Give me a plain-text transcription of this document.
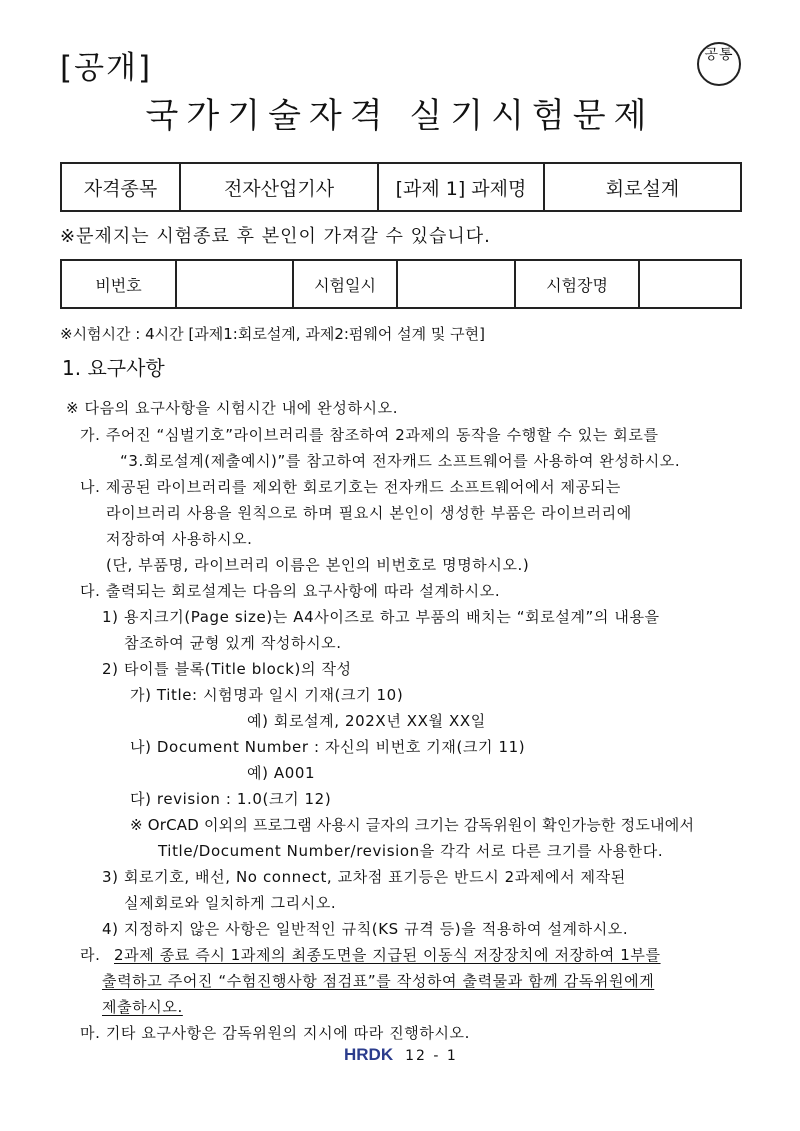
[공개]	공통
국가기술자격 실기시험문제
자격종목	전자산업기사	[과제 1] 과제명	회로설계
※문제지는 시험종료 후 본인이 가져갈 수 있습니다.
비번호		시험일시		시험장명	
※시험시간 : 4시간 [과제1:회로설계, 과제2:펌웨어 설계 및 구현]
1. 요구사항
※ 다음의 요구사항을 시험시간 내에 완성하시오.
가. 주어진 “심벌기호”라이브러리를 참조하여 2과제의 동작을 수행할 수 있는 회로를
“3.회로설계(제출예시)”를 참고하여 전자캐드 소프트웨어를 사용하여 완성하시오.
나. 제공된 라이브러리를 제외한 회로기호는 전자캐드 소프트웨어에서 제공되는
라이브러리 사용을 원칙으로 하며 필요시 본인이 생성한 부품은 라이브러리에
저장하여 사용하시오.
(단, 부품명, 라이브러리 이름은 본인의 비번호로 명명하시오.)
다. 출력되는 회로설계는 다음의 요구사항에 따라 설계하시오.
1) 용지크기(Page size)는 A4사이즈로 하고 부품의 배치는 “회로설계”의 내용을
참조하여 균형 있게 작성하시오.
2) 타이틀 블록(Title block)의 작성
가) Title: 시험명과 일시 기재(크기 10)
예) 회로설계, 202X년 XX월 XX일
나) Document Number : 자신의 비번호 기재(크기 11)
예) A001
다) revision : 1.0(크기 12)
※ OrCAD 이외의 프로그램 사용시 글자의 크기는 감독위원이 확인가능한 정도내에서
Title/Document Number/revision을 각각 서로 다른 크기를 사용한다.
3) 회로기호, 배선, No connect, 교차점 표기등은 반드시 2과제에서 제작된
실제회로와 일치하게 그리시오.
4) 지정하지 않은 사항은 일반적인 규칙(KS 규격 등)을 적용하여 설계하시오.
라. 2과제 종료 즉시 1과제의 최종도면을 지급된 이동식 저장장치에 저장하여 1부를
출력하고 주어진 “수험진행사항 점검표”를 작성하여 출력물과 함께 감독위원에게
제출하시오.
마. 기타 요구사항은 감독위원의 지시에 따라 진행하시오.
HRDK 12 - 1
